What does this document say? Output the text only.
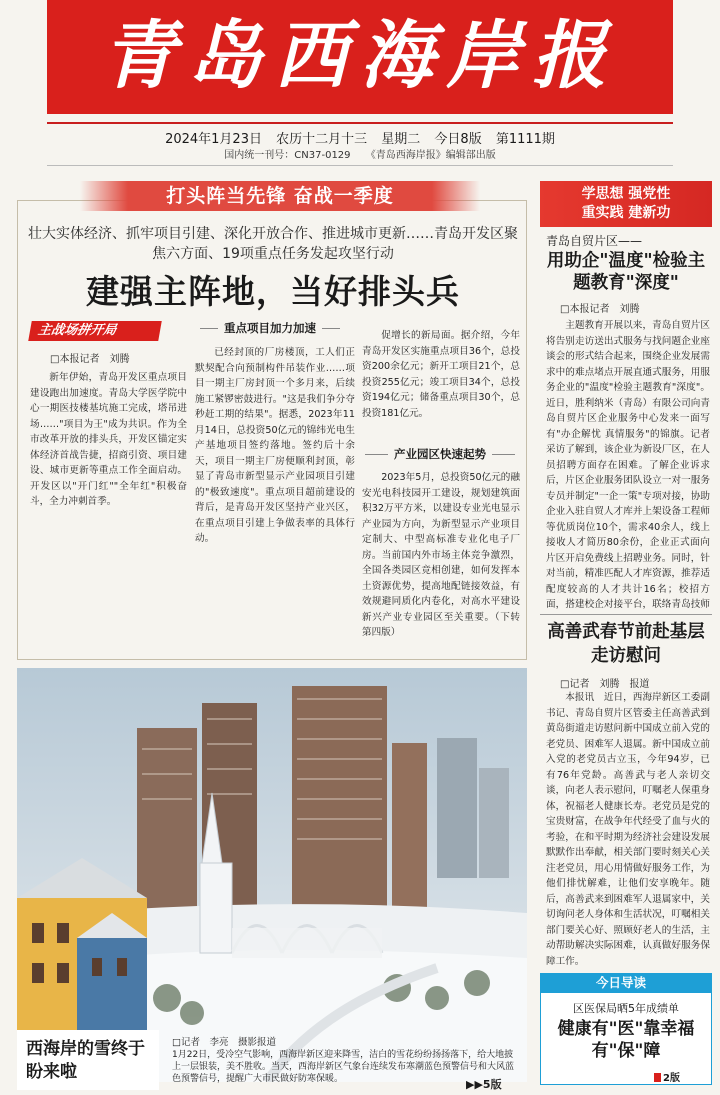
青岛西海岸报
2024年1月23日 农历十二月十三 星期二 今日8版 第1111期
国内统一刊号：CN37-0129 《青岛西海岸报》编辑部出版
打头阵当先锋 奋战一季度
壮大实体经济、抓牢项目引建、深化开放合作、推进城市更新……青岛开发区聚焦六方面、19项重点任务发起攻坚行动
建强主阵地，当好排头兵
主战场拼开局
□本报记者　刘腾

新年伊始，青岛开发区重点项目建设跑出加速度。青岛大学医学院中心一期医技楼基坑施工完成，塔吊进场……"项目为王"成为共识。作为全市改革开放的排头兵，开发区锚定实体经济首战告捷，招商引资、项目建设、城市更新等重点工作全面启动。开发区以"开门红""全年红"积极奋斗，全力冲刺首季。

重点项目加力加速

已经封顶的厂房楼顶，工人们正默契配合向预制构件吊装作业……项目一期主厂房封顶一个多月来，后续施工紧锣密鼓进行。"这是我们争分夺秒赶工期的结果"。据悉，2023年11月14日，总投资50亿元的锦纬光电生产基地项目签约落地。签约后十余天，项目一期主厂房便顺利封顶，彰显了青岛市新型显示产业园项目引建的"极致速度"。重点项目超前建设的背后，是青岛开发区坚持产业兴区，在重点项目引建上争做表率的具体行动。

促增长的新局面。据介绍，今年青岛开发区实施重点项目36个，总投资200余亿元；新开工项目21个，总投资255亿元；竣工项目34个，总投资194亿元；储备重点项目30个，总投资181亿元。

产业园区快速起势

2023年5月，总投资50亿元的融安光电科技园开工建设，规划建筑面积32万平方米，以建设专业光电显示产业园为方向，为新型显示产业项目定制大、中型高标准专业化电子厂房。当前国内外市场主体竞争激烈，全国各类园区竞相创建，如何发挥本土资源优势，提高地配链接效益，有效规避同质化内卷化，对高水平建设新兴产业专业园区至关重要。（下转第四版）

西海岸的雪终于盼来啦
□记者　李亮　摄影报道
1月22日，受冷空气影响，西海岸新区迎来降雪，洁白的雪花纷纷扬扬落下，给大地披上一层银装，美不胜收。当天，西海岸新区气象台连续发布寒潮蓝色预警信号和大风蓝色预警信号，提醒广大市民做好防寒保暖。	▶▶5版
学思想 强党性
重实践 建新功
青岛自贸片区——
用助企"温度"检验主题教育"深度"
□本报记者　刘腾

主题教育开展以来，青岛自贸片区将告别走访送出式服务与找问题企业座谈会的形式结合起来，围绕企业发展需求中的难点堵点开展直通式服务，用服务企业的"温度"检验主题教育"深度"。近日，胜利纳米（青岛）有限公司向青岛自贸片区企业服务中心发来一面写有"办企解忧 真情服务"的锦旗。记者采访了解到，该企业为新设厂区，在人员招聘方面存在困难。了解企业诉求后，片区企业服务团队设立一对一服务专员并制定"一企一策"专项对接，协助企业入驻自贸人才库并上架设备工程师等优质岗位10个，需求40余人，线上接收人才简历80余份，企业正式面向片区开启免费线上招聘业务。同时，针对当前，精准匹配人才库资源，推荐适配度较高的人才共计16名；校招方面，搭建校企对接平台，联络青岛技师

高善武春节前赴基层走访慰问
□记者　刘腾　报道

本报讯　近日，西海岸新区工委副书记、青岛自贸片区管委主任高善武到黄岛街道走访慰问新中国成立前入党的老党员、困难军人退属。新中国成立前入党的老党员古立玉，今年94岁，已有76年党龄。高善武与老人亲切交谈，向老人表示慰问，叮嘱老人保重身体，祝福老人健康长寿。老党员是党的宝贵财富，在战争年代经受了血与火的考验，在和平时期为经济社会建设发展默默作出奉献，相关部门要时刻关心关注老党员，用心用情做好服务工作，为他们排忧解难，让他们安享晚年。随后，高善武来到困难军人退属家中，关切询问老人身体和生活状况，叮嘱相关部门要关心好、照顾好老人的生活，主动帮助解决实际困难，认真做好服务保障工作。

今日导读
区医保局晒5年成绩单
健康有"医"靠幸福有"保"障
2版
